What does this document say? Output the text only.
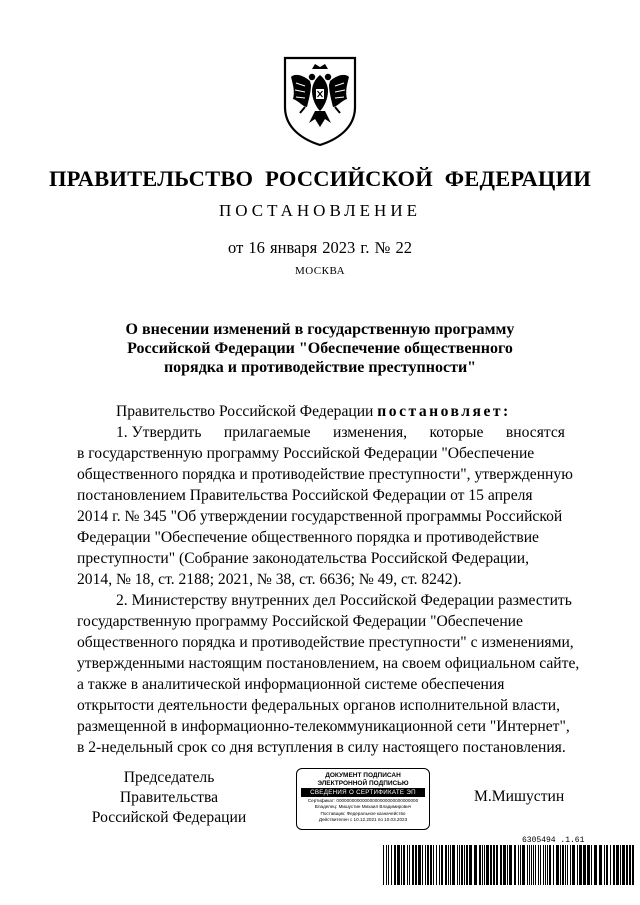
ПРАВИТЕЛЬСТВО РОССИЙСКОЙ ФЕДЕРАЦИИ
ПОСТАНОВЛЕНИЕ
от 16 января 2023 г. № 22
МОСКВА
О внесении изменений в государственную программу
Российской Федерации "Обеспечение общественного
порядка и противодействие преступности"
Правительство Российской Федерации постановляет:
1. Утвердить прилагаемые изменения, которые вносятся
в государственную программу Российской Федерации "Обеспечение
общественного порядка и противодействие преступности", утвержденную
постановлением Правительства Российской Федерации от 15 апреля
2014 г. № 345 "Об утверждении государственной программы Российской
Федерации "Обеспечение общественного порядка и противодействие
преступности" (Собрание законодательства Российской Федерации,
2014, № 18, ст. 2188; 2021, № 38, ст. 6636; № 49, ст. 8242).
2. Министерству внутренних дел Российской Федерации разместить
государственную программу Российской Федерации "Обеспечение
общественного порядка и противодействие преступности" с изменениями,
утвержденными настоящим постановлением, на своем официальном сайте,
а также в аналитической информационной системе обеспечения
открытости деятельности федеральных органов исполнительной власти,
размещенной в информационно-телекоммуникационной сети "Интернет",
в 2-недельный срок со дня вступления в силу настоящего постановления.
Председатель Правительства
Российской Федерации
ДОКУМЕНТ ПОДПИСАН
ЭЛЕКТРОННОЙ ПОДПИСЬЮ
СВЕДЕНИЯ О СЕРТИФИКАТЕ ЭП
Сертификат: 00000000000000000000000000000000
Владелец: Мишустин Михаил Владимирович
Поставщик: Федеральное казначейство
Действителен с 10.12.2021 по 10.03.2023
М.Мишустин
6305494 .1.61
